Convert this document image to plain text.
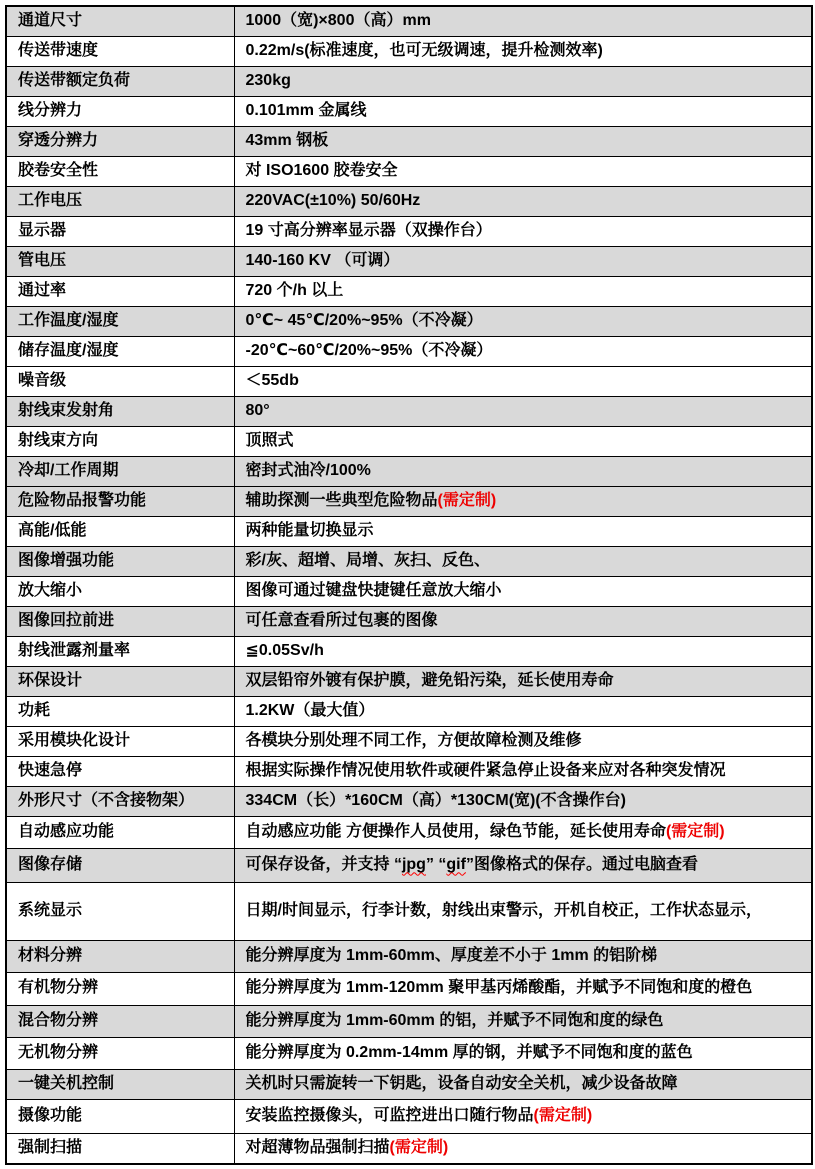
通道尺寸	1000（宽)×800（高）mm
传送带速度	0.22m/s(标准速度，也可无级调速，提升检测效率)
传送带额定负荷	230kg
线分辨力	0.101mm 金属线
穿透分辨力	43mm 钢板
胶卷安全性	对 ISO1600 胶卷安全
工作电压	220VAC(±10%) 50/60Hz
显示器	19 寸高分辨率显示器（双操作台）
管电压	140-160 KV （可调）
通过率	720 个/h 以上
工作温度/湿度	0℃~ 45℃/20%~95%（不冷凝）
储存温度/湿度	-20℃~60℃/20%~95%（不冷凝）
噪音级	＜55db
射线束发射角	80°
射线束方向	顶照式
冷却/工作周期	密封式油冷/100%
危险物品报警功能	辅助探测一些典型危险物品(需定制)
高能/低能	两种能量切换显示
图像增强功能	彩/灰、超增、局增、灰扫、反色、
放大缩小	图像可通过键盘快捷键任意放大缩小
图像回拉前进	可任意查看所过包裹的图像
射线泄露剂量率	≦0.05Sv/h
环保设计	双层铅帘外镀有保护膜，避免铅污染，延长使用寿命
功耗	1.2KW（最大值）
采用模块化设计	各模块分别处理不同工作，方便故障检测及维修
快速急停	根据实际操作情况使用软件或硬件紧急停止设备来应对各种突发情况
外形尺寸（不含接物架）	334CM（长）*160CM（高）*130CM(宽)(不含操作台)
自动感应功能	自动感应功能 方便操作人员使用，绿色节能，延长使用寿命(需定制)
图像存储	可保存设备，并支持 “jpg” “gif”图像格式的保存。通过电脑查看
系统显示	日期/时间显示，行李计数，射线出束警示，开机自校正，工作状态显示，
材料分辨	能分辨厚度为 1mm-60mm、厚度差不小于 1mm 的铝阶梯
有机物分辨	能分辨厚度为 1mm-120mm 聚甲基丙烯酸酯，并赋予不同饱和度的橙色
混合物分辨	能分辨厚度为 1mm-60mm 的铝，并赋予不同饱和度的绿色
无机物分辨	能分辨厚度为 0.2mm-14mm 厚的钢，并赋予不同饱和度的蓝色
一键关机控制	关机时只需旋转一下钥匙，设备自动安全关机，减少设备故障
摄像功能	安装监控摄像头，可监控进出口随行物品(需定制)
强制扫描	对超薄物品强制扫描(需定制)
